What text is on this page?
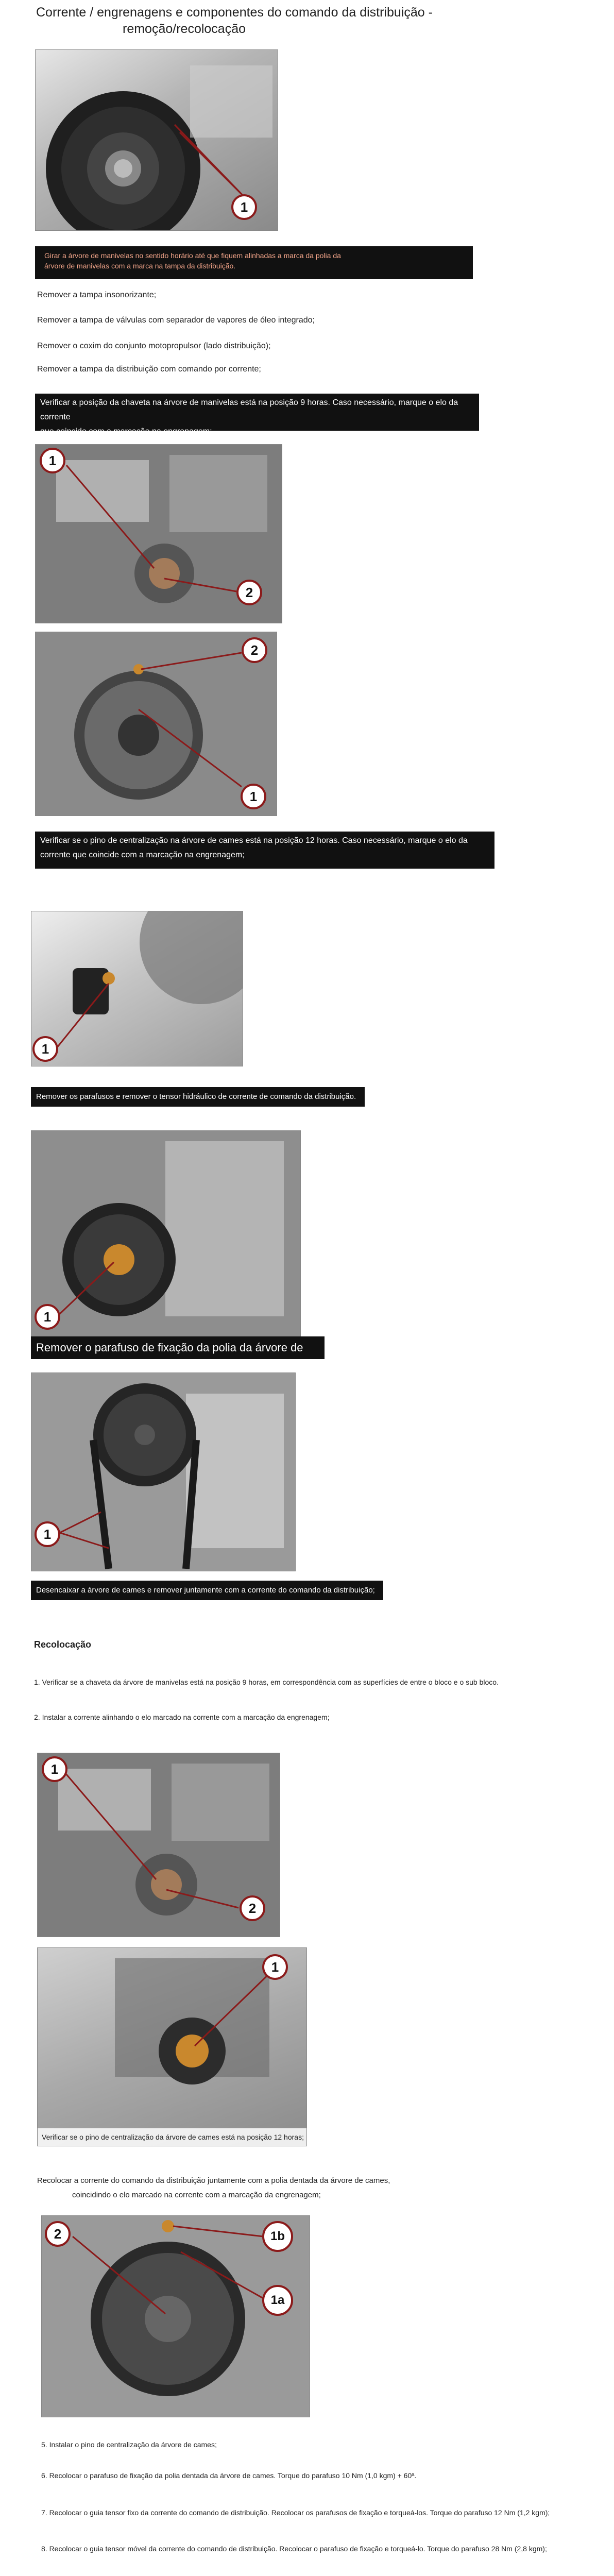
Corrente / engrenagens e componentes do comando da distribuição -
remoção/recolocação
1
Girar a árvore de manivelas no sentido horário até que fiquem alinhadas a marca da polia da
árvore de manivelas com a marca na tampa da distribuição.
Remover a tampa insonorizante;
Remover a tampa de válvulas com separador de vapores de óleo integrado;
Remover o coxim do conjunto motopropulsor (lado distribuição);
Remover a tampa da distribuição com comando por corrente;
Verificar a posição da chaveta na árvore de manivelas está na posição 9 horas. Caso necessário, marque o elo da corrente
que coincide com a marcação na engrenagem;
1
2
2
1
Verificar se o pino de centralização na árvore de cames está na posição 12 horas. Caso necessário, marque o elo da
corrente que coincide com a marcação na engrenagem;
1
Remover os parafusos e remover o tensor hidráulico de corrente de comando da distribuição.
1
Remover o parafuso de fixação da polia da árvore de cames;
1
Desencaixar a árvore de cames e remover juntamente com a corrente do comando da distribuição;
Recolocação
1. Verificar se a chaveta da árvore de manivelas está na posição 9 horas, em correspondência com as superfícies de entre o bloco e o sub bloco.
2. Instalar a corrente alinhando o elo marcado na corrente com a marcação da engrenagem;
1
2
1
Verificar se o pino de centralização da árvore de cames está na posição 12 horas;
Recolocar a corrente do comando da distribuição juntamente com a polia dentada da árvore de cames,
coincidindo o elo marcado na corrente com a marcação da engrenagem;
2	1b
1a
5. Instalar o pino de centralização da árvore de cames;
6. Recolocar o parafuso de fixação da polia dentada da árvore de cames. Torque do parafuso 10 Nm (1,0 kgm) + 60ª.
7. Recolocar o guia tensor fixo da corrente do comando de distribuição. Recolocar os parafusos de fixação e torqueá-los. Torque do parafuso 12 Nm (1,2 kgm);
8. Recolocar o guia tensor móvel da corrente do comando de distribuição. Recolocar o parafuso de fixação e torqueá-lo. Torque do parafuso 28 Nm (2,8 kgm);
